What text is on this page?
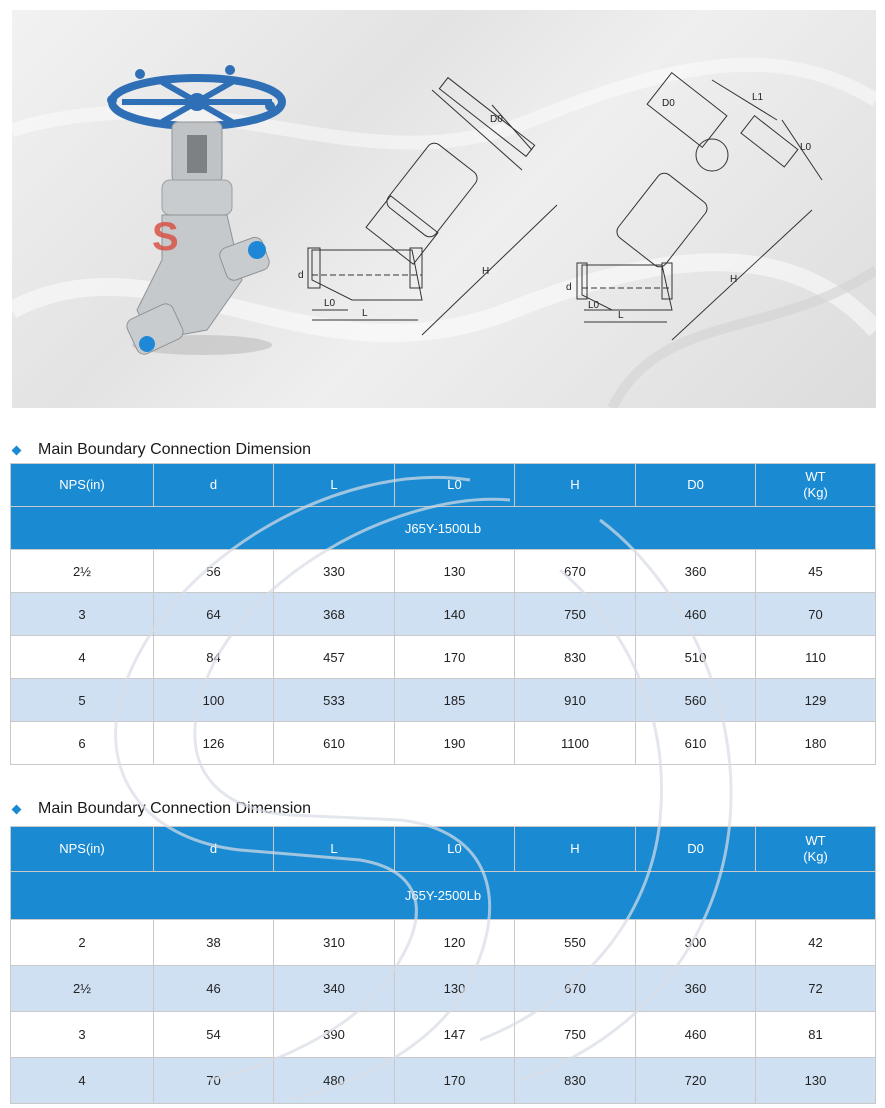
S
d
L0
L
H
D0
d
L0
L
H
D0
L1
L0
Main Boundary Connection Dimension
NPS(in)	d	L	L0	H	D0	WT
(Kg)
J65Y-1500Lb						
2½	56	330	130	670	360	45
3	64	368	140	750	460	70
4	84	457	170	830	510	110
5	100	533	185	910	560	129
6	126	610	190	1100	610	180
Main Boundary Connection Dimension
NPS(in)	d	L	L0	H	D0	WT
(Kg)
J65Y-2500Lb						
2	38	310	120	550	300	42
2½	46	340	130	670	360	72
3	54	390	147	750	460	81
4	70	480	170	830	720	130
